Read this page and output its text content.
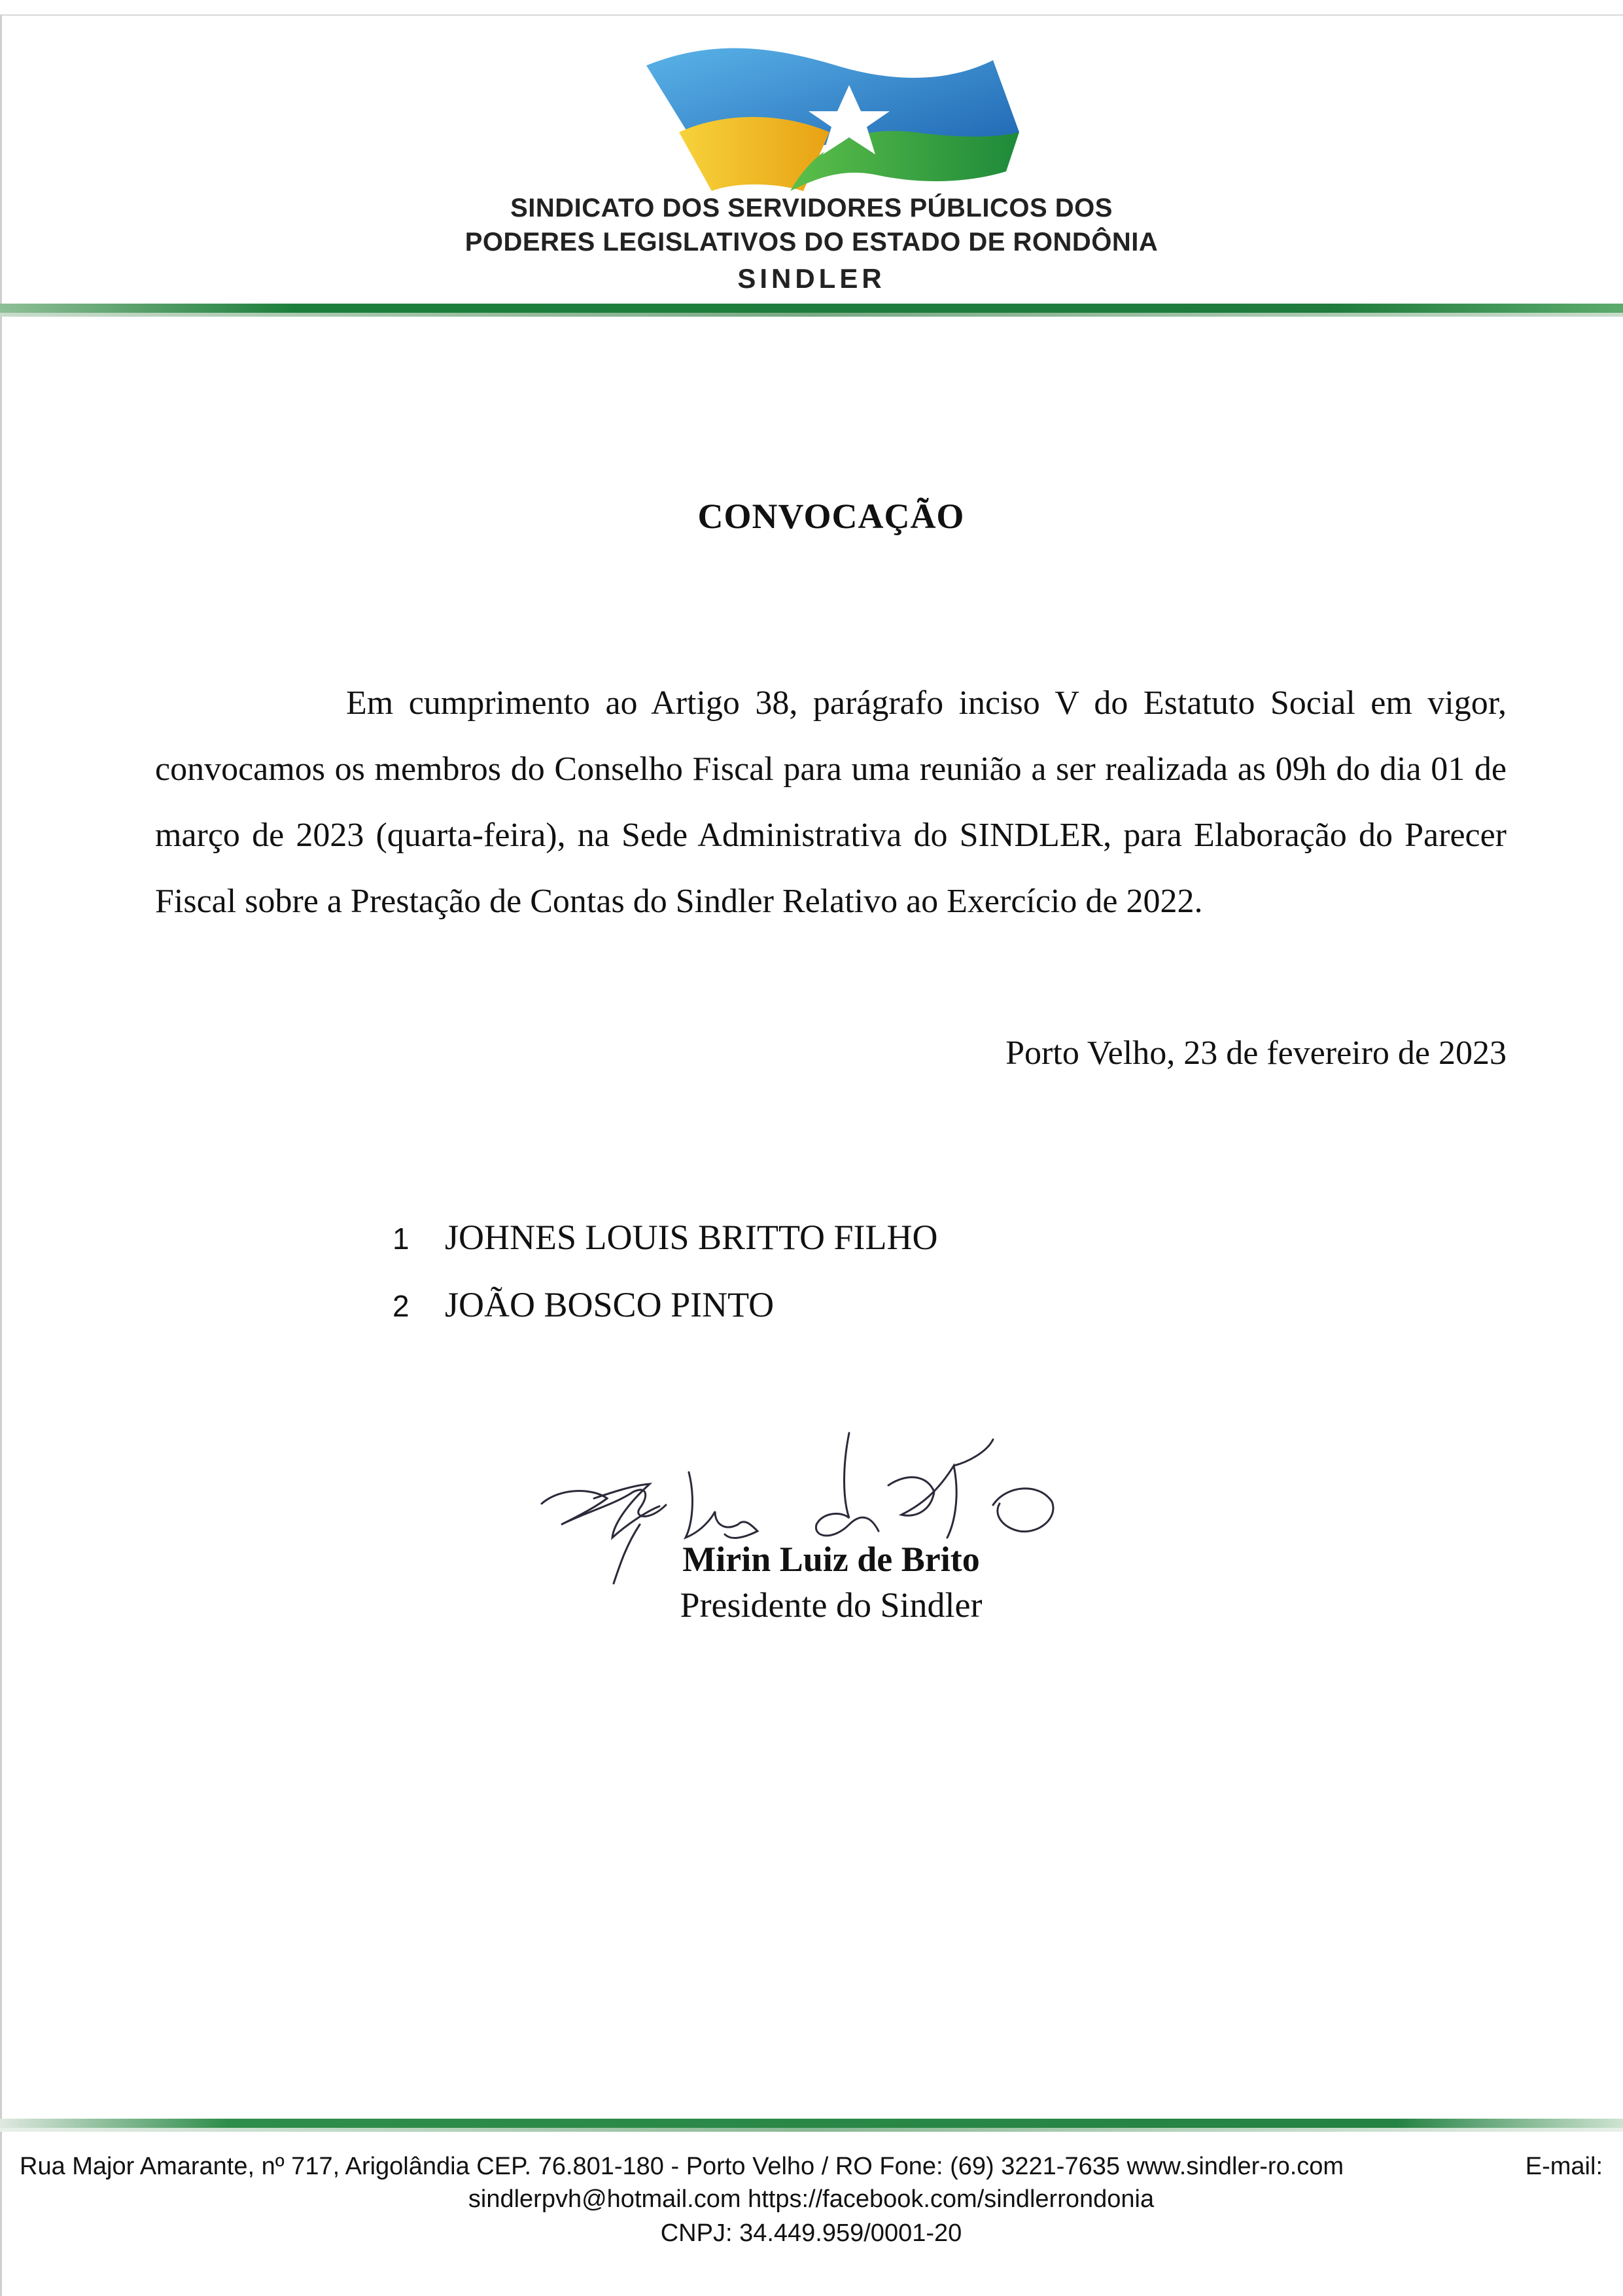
SINDICATO DOS SERVIDORES PÚBLICOS DOS
PODERES LEGISLATIVOS DO ESTADO DE RONDÔNIA
SINDLER
CONVOCAÇÃO

Em cumprimento ao Artigo 38, parágrafo inciso V do Estatuto Social em vigor, convocamos os membros do Conselho Fiscal para uma reunião a ser realizada as 09h do dia 01 de março de 2023 (quarta-feira), na Sede Administrativa do SINDLER, para Elaboração do Parecer Fiscal sobre a Prestação de Contas do Sindler Relativo ao Exercício de 2022.

Porto Velho, 23 de fevereiro de 2023
1	JOHNES LOUIS BRITTO FILHO
2	JOÃO BOSCO PINTO
Mirin Luiz de Brito
Presidente do Sindler
Rua Major Amarante, nº 717, Arigolândia CEP. 76.801-180 - Porto Velho / RO Fone: (69) 3221-7635 www.sindler-ro.com	E-mail:
sindlerpvh@hotmail.com https://facebook.com/sindlerrondonia
CNPJ: 34.449.959/0001-20
